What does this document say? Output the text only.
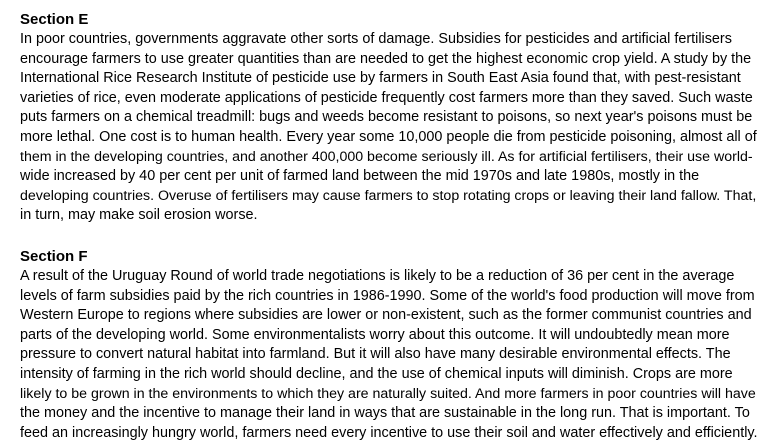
Section E
In poor countries, governments aggravate other sorts of damage. Subsidies for pesticides and artificial fertilisers
encourage farmers to use greater quantities than are needed to get the highest economic crop yield. A study by the
International Rice Research Institute of pesticide use by farmers in South East Asia found that, with pest-resistant
varieties of rice, even moderate applications of pesticide frequently cost farmers more than they saved. Such waste
puts farmers on a chemical treadmill: bugs and weeds become resistant to poisons, so next year's poisons must be
more lethal. One cost is to human health. Every year some 10,000 people die from pesticide poisoning, almost all of
them in the developing countries, and another 400,000 become seriously ill. As for artificial fertilisers, their use world-
wide increased by 40 per cent per unit of farmed land between the mid 1970s and late 1980s, mostly in the
developing countries. Overuse of fertilisers may cause farmers to stop rotating crops or leaving their land fallow. That,
in turn, may make soil erosion worse.
Section F
A result of the Uruguay Round of world trade negotiations is likely to be a reduction of 36 per cent in the average
levels of farm subsidies paid by the rich countries in 1986-1990. Some of the world's food production will move from
Western Europe to regions where subsidies are lower or non-existent, such as the former communist countries and
parts of the developing world. Some environmentalists worry about this outcome. It will undoubtedly mean more
pressure to convert natural habitat into farmland. But it will also have many desirable environmental effects. The
intensity of farming in the rich world should decline, and the use of chemical inputs will diminish. Crops are more
likely to be grown in the environments to which they are naturally suited. And more farmers in poor countries will have
the money and the incentive to manage their land in ways that are sustainable in the long run. That is important. To
feed an increasingly hungry world, farmers need every incentive to use their soil and water effectively and efficiently.
